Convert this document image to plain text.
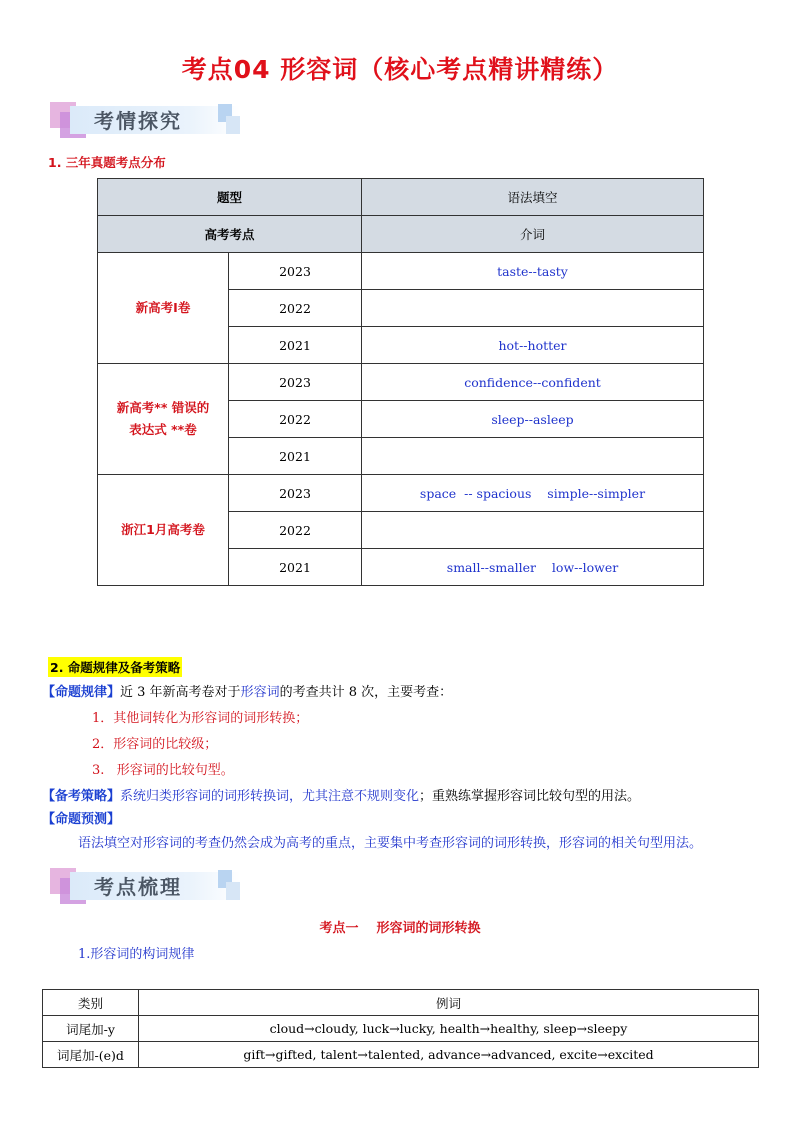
考点04 形容词（核心考点精讲精练）
考情探究
1. 三年真题考点分布
题型		语法填空
高考考点		介词
新高考I卷	2023	taste--tasty
	2022	
	2021	hot--hotter

新高考** 错误的
表达式 **卷	2023	confidence--confident
	2022	sleep--asleep
	2021	
浙江1月高考卷	2023	space  -- spacious    simple--simpler
	2022	
	2021	small--smaller    low--lower
2. 命题规律及备考策略
【命题规律】近 3 年新高考卷对于形容词的考查共计 8 次，主要考查：
1．其他词转化为形容词的词形转换；
2．形容词的比较级；
3.   形容词的比较句型。
【备考策略】系统归类形容词的词形转换词，尤其注意不规则变化；重熟练掌握形容词比较句型的用法。
【命题预测】
语法填空对形容词的考查仍然会成为高考的重点，主要集中考查形容词的词形转换，形容词的相关句型用法。
考点梳理
考点一    形容词的词形转换
1.形容词的构词规律
类别	例词
词尾加-y	cloud→cloudy, luck→lucky, health→healthy, sleep→sleepy
词尾加-(e)d	gift→gifted, talent→talented, advance→advanced, excite→excited
